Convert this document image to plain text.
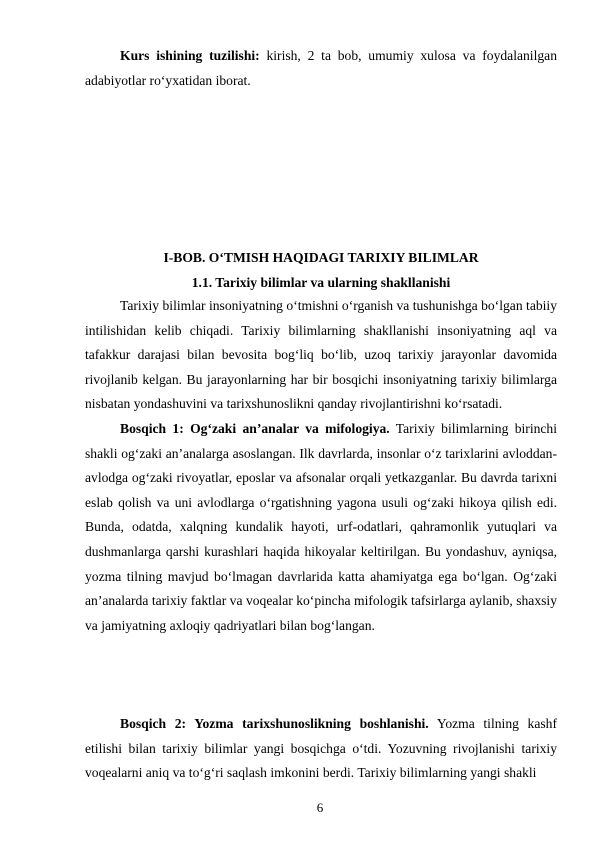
Kurs ishining tuzilishi: kirish, 2 ta bob, umumiy xulosa va foydalanilgan adabiyotlar ro‘yxatidan iborat.

I-BOB. O‘TMISH HAQIDAGI TARIXIY BILIMLAR

1.1. Tarixiy bilimlar va ularning shakllanishi

Tarixiy bilimlar insoniyatning o‘tmishni o‘rganish va tushunishga bo‘lgan tabiiy intilishidan kelib chiqadi. Tarixiy bilimlarning shakllanishi insoniyatning aql va tafakkur darajasi bilan bevosita bog‘liq bo‘lib, uzoq tarixiy jarayonlar davomida rivojlanib kelgan. Bu jarayonlarning har bir bosqichi insoniyatning tarixiy bilimlarga nisbatan yondashuvini va tarixshunoslikni qanday rivojlantirishni ko‘rsatadi.

Bosqich 1: Og‘zaki an’analar va mifologiya. Tarixiy bilimlarning birinchi shakli og‘zaki an’analarga asoslangan. Ilk davrlarda, insonlar o‘z tarixlarini avloddan-avlodga og‘zaki rivoyatlar, eposlar va afsonalar orqali yetkazganlar. Bu davrda tarixni eslab qolish va uni avlodlarga o‘rgatishning yagona usuli og‘zaki hikoya qilish edi. Bunda, odatda, xalqning kundalik hayoti, urf-odatlari, qahramonlik yutuqlari va dushmanlarga qarshi kurashlari haqida hikoyalar keltirilgan. Bu yondashuv, ayniqsa, yozma tilning mavjud bo‘lmagan davrlarida katta ahamiyatga ega bo‘lgan. Og‘zaki an’analarda tarixiy faktlar va voqealar ko‘pincha mifologik tafsirlarga aylanib, shaxsiy va jamiyatning axloqiy qadriyatlari bilan bog‘langan.

Bosqich 2: Yozma tarixshunoslikning boshlanishi. Yozma tilning kashf etilishi bilan tarixiy bilimlar yangi bosqichga o‘tdi. Yozuvning rivojlanishi tarixiy voqealarni aniq va to‘g‘ri saqlash imkonini berdi. Tarixiy bilimlarning yangi shakli

6
